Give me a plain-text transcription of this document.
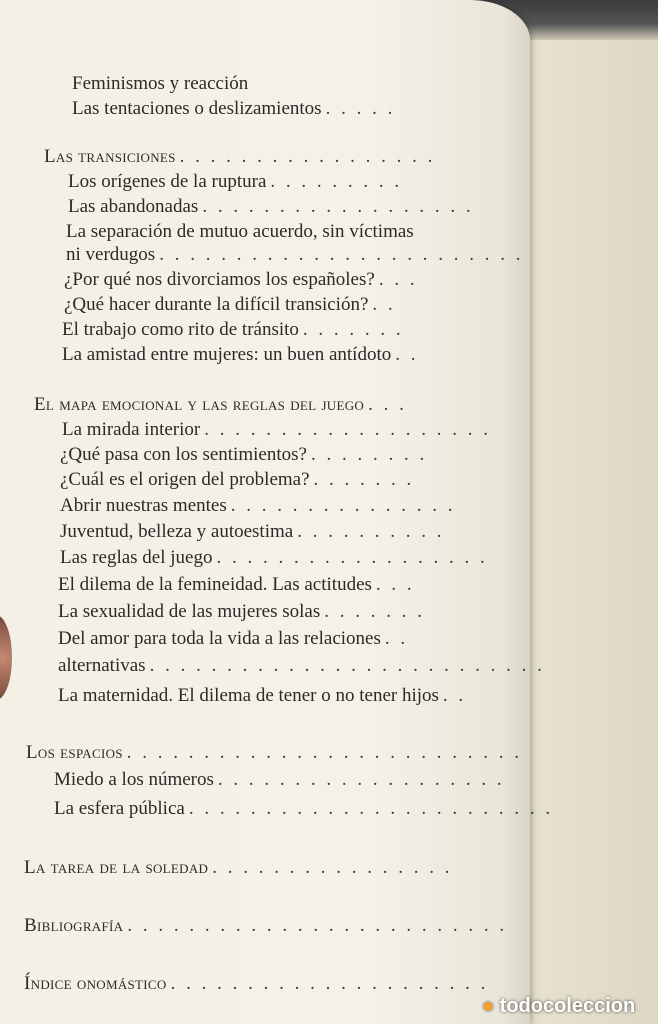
Feminismos y reacción
Las tentaciones o deslizamientos . . . . .
Las transiciones . . . . . . . . . . . . . . . . .
Los orígenes de la ruptura . . . . . . . . .
Las abandonadas . . . . . . . . . . . . . . . . . .
La separación de mutuo acuerdo, sin víctimas
ni verdugos . . . . . . . . . . . . . . . . . . . . . . . .
¿Por qué nos divorciamos los españoles? . . .
¿Qué hacer durante la difícil transición? . .
El trabajo como rito de tránsito . . . . . . .
La amistad entre mujeres: un buen antídoto . .
El mapa emocional y las reglas del juego . . .
La mirada interior . . . . . . . . . . . . . . . . . . .
¿Qué pasa con los sentimientos? . . . . . . . .
¿Cuál es el origen del problema? . . . . . . .
Abrir nuestras mentes . . . . . . . . . . . . . . .
Juventud, belleza y autoestima . . . . . . . . . .
Las reglas del juego . . . . . . . . . . . . . . . . . .
El dilema de la femineidad. Las actitudes . . .
La sexualidad de las mujeres solas . . . . . . .
Del amor para toda la vida a las relaciones . .
alternativas . . . . . . . . . . . . . . . . . . . . . . . . . .
La maternidad. El dilema de tener o no tener hijos . .
Los espacios . . . . . . . . . . . . . . . . . . . . . . . . . .
Miedo a los números . . . . . . . . . . . . . . . . . . .
La esfera pública . . . . . . . . . . . . . . . . . . . . . . . .
La tarea de la soledad . . . . . . . . . . . . . . . .
Bibliografía . . . . . . . . . . . . . . . . . . . . . . . . .
Índice onomástico . . . . . . . . . . . . . . . . . . . . .
● todocoleccion
